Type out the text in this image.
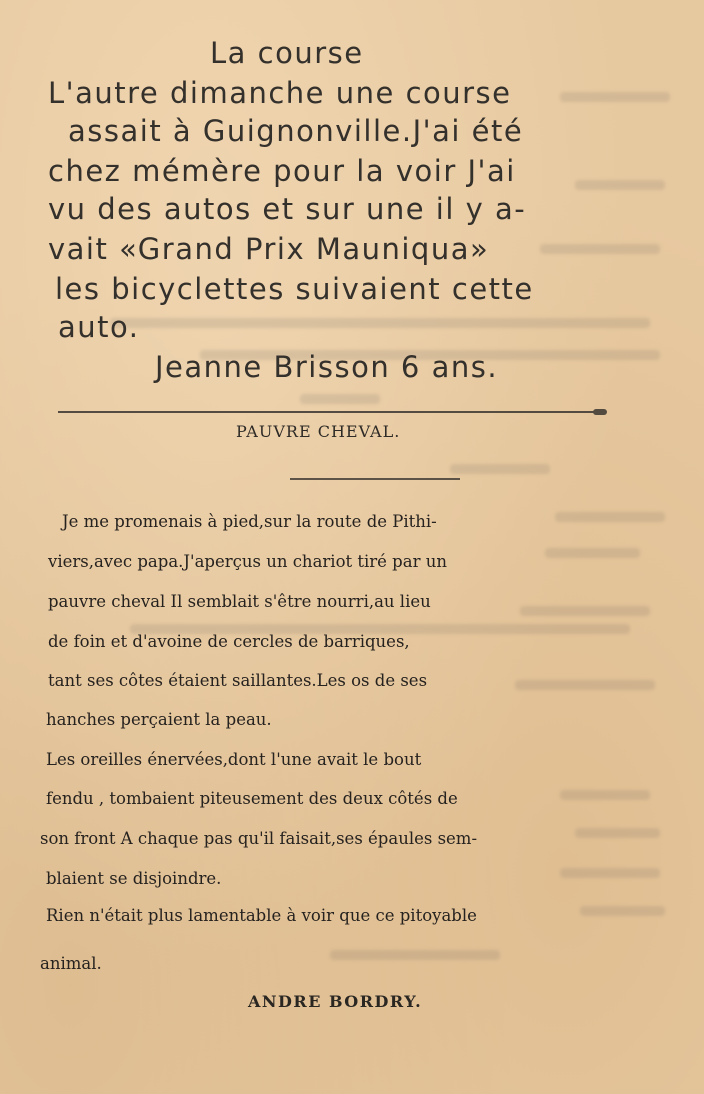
La course
L'autre dimanche une course
assait à Guignonville.J'ai été
chez mémère pour la voir J'ai
vu des autos et sur une il y a-
vait «Grand Prix Mauniqua»
les bicyclettes suivaient cette
auto.
Jeanne Brisson 6 ans.
PAUVRE CHEVAL.
Je me promenais à pied,sur la route de Pithi-
viers,avec papa.J'aperçus un chariot tiré par un
pauvre cheval Il semblait s'être nourri,au lieu
de foin et d'avoine de cercles de barriques,
tant ses côtes étaient saillantes.Les os de ses
hanches perçaient la peau.
Les oreilles énervées,dont l'une avait le bout
fendu , tombaient piteusement des deux côtés de
son front A chaque pas qu'il faisait,ses épaules sem-
blaient se disjoindre.
Rien n'était plus lamentable à voir que ce pitoyable
animal.
ANDRE BORDRY.
